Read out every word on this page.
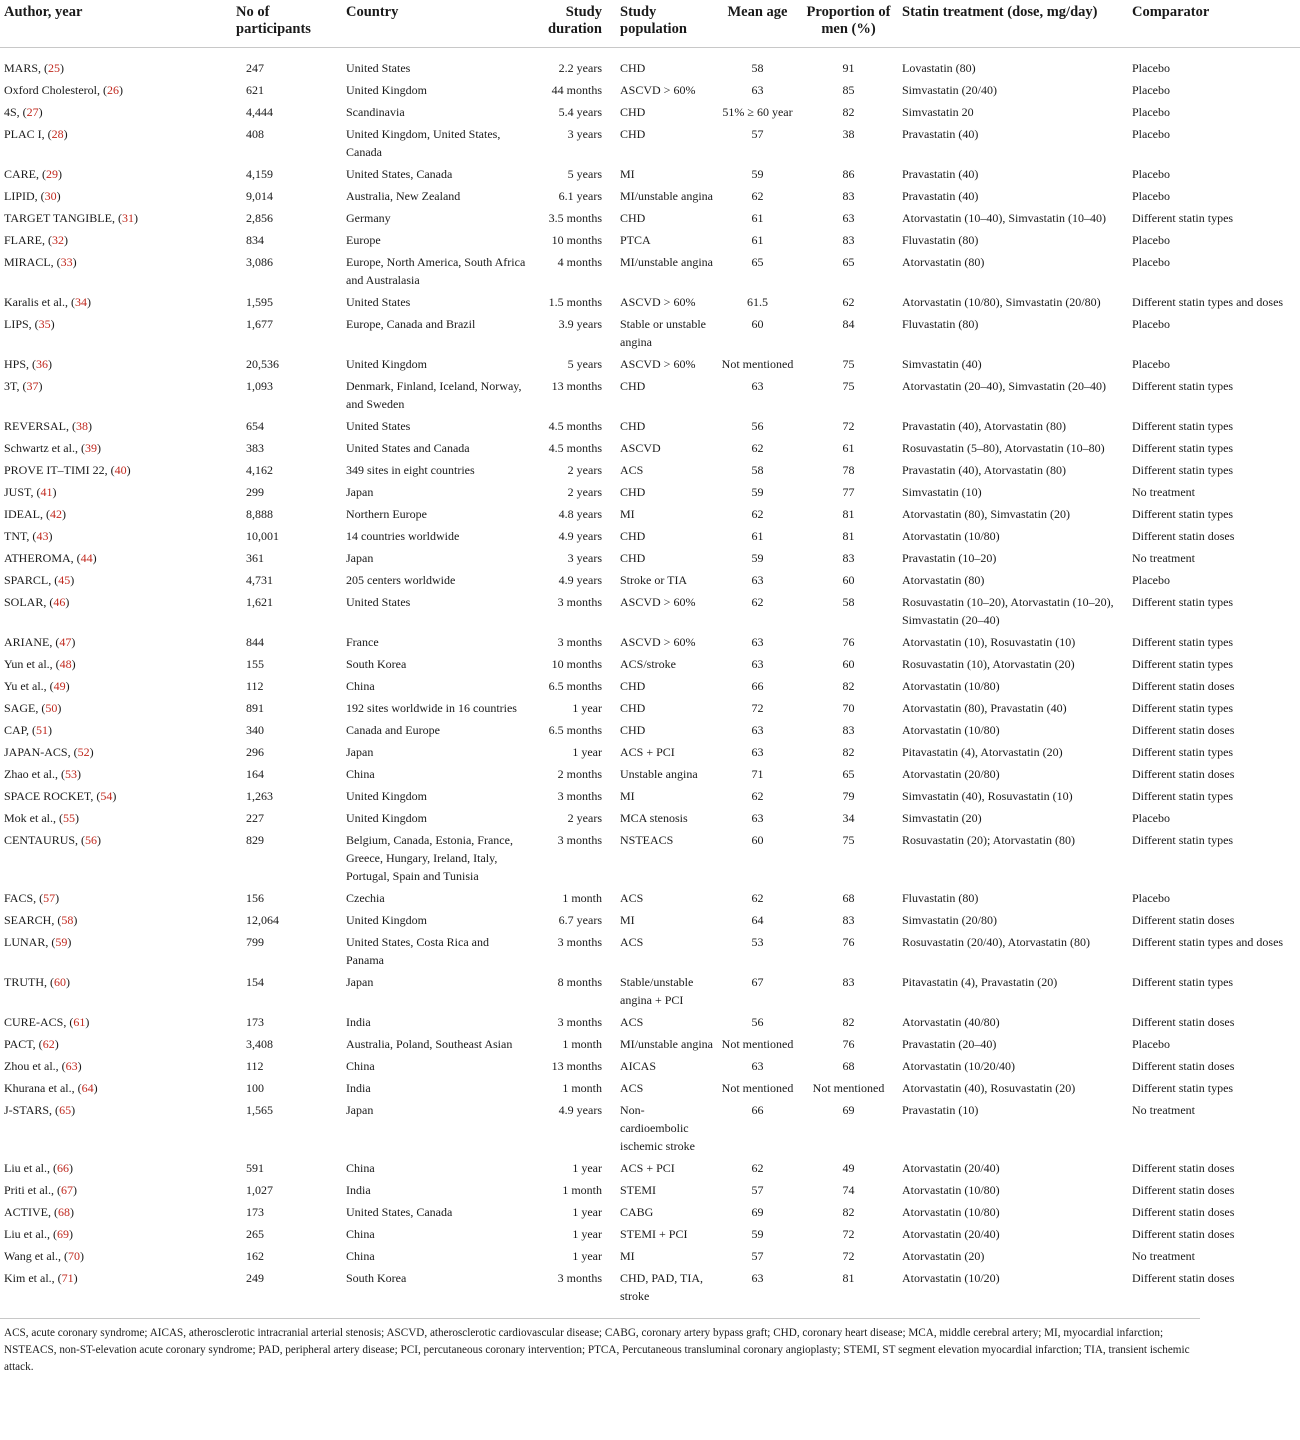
Author, year	No of participants	Country	Study duration	Study population	Mean age	Proportion of men (%)	Statin treatment (dose, mg/day)	Comparator
MARS, (25)	247	United States	2.2 years	CHD	58	91	Lovastatin (80)	Placebo
Oxford Cholesterol, (26)	621	United Kingdom	44 months	ASCVD > 60%	63	85	Simvastatin (20/40)	Placebo
4S, (27)	4,444	Scandinavia	5.4 years	CHD	51% ≥ 60 year	82	Simvastatin 20	Placebo
PLAC I, (28)	408	United Kingdom, United States, Canada	3 years	CHD	57	38	Pravastatin (40)	Placebo
CARE, (29)	4,159	United States, Canada	5 years	MI	59	86	Pravastatin (40)	Placebo
LIPID, (30)	9,014	Australia, New Zealand	6.1 years	MI/unstable angina	62	83	Pravastatin (40)	Placebo
TARGET TANGIBLE, (31)	2,856	Germany	3.5 months	CHD	61	63	Atorvastatin (10–40), Simvastatin (10–40)	Different statin types
FLARE, (32)	834	Europe	10 months	PTCA	61	83	Fluvastatin (80)	Placebo
MIRACL, (33)	3,086	Europe, North America, South Africa and Australasia	4 months	MI/unstable angina	65	65	Atorvastatin (80)	Placebo
Karalis et al., (34)	1,595	United States	1.5 months	ASCVD > 60%	61.5	62	Atorvastatin (10/80), Simvastatin (20/80)	Different statin types and doses
LIPS, (35)	1,677	Europe, Canada and Brazil	3.9 years	Stable or unstable angina	60	84	Fluvastatin (80)	Placebo
HPS, (36)	20,536	United Kingdom	5 years	ASCVD > 60%	Not mentioned	75	Simvastatin (40)	Placebo
3T, (37)	1,093	Denmark, Finland, Iceland, Norway, and Sweden	13 months	CHD	63	75	Atorvastatin (20–40), Simvastatin (20–40)	Different statin types
REVERSAL, (38)	654	United States	4.5 months	CHD	56	72	Pravastatin (40), Atorvastatin (80)	Different statin types
Schwartz et al., (39)	383	United States and Canada	4.5 months	ASCVD	62	61	Rosuvastatin (5–80), Atorvastatin (10–80)	Different statin types
PROVE IT–TIMI 22, (40)	4,162	349 sites in eight countries	2 years	ACS	58	78	Pravastatin (40), Atorvastatin (80)	Different statin types
JUST, (41)	299	Japan	2 years	CHD	59	77	Simvastatin (10)	No treatment
IDEAL, (42)	8,888	Northern Europe	4.8 years	MI	62	81	Atorvastatin (80), Simvastatin (20)	Different statin types
TNT, (43)	10,001	14 countries worldwide	4.9 years	CHD	61	81	Atorvastatin (10/80)	Different statin doses
ATHEROMA, (44)	361	Japan	3 years	CHD	59	83	Pravastatin (10–20)	No treatment
SPARCL, (45)	4,731	205 centers worldwide	4.9 years	Stroke or TIA	63	60	Atorvastatin (80)	Placebo
SOLAR, (46)	1,621	United States	3 months	ASCVD > 60%	62	58	Rosuvastatin (10–20), Atorvastatin (10–20), Simvastatin (20–40)	Different statin types
ARIANE, (47)	844	France	3 months	ASCVD > 60%	63	76	Atorvastatin (10), Rosuvastatin (10)	Different statin types
Yun et al., (48)	155	South Korea	10 months	ACS/stroke	63	60	Rosuvastatin (10), Atorvastatin (20)	Different statin types
Yu et al., (49)	112	China	6.5 months	CHD	66	82	Atorvastatin (10/80)	Different statin doses
SAGE, (50)	891	192 sites worldwide in 16 countries	1 year	CHD	72	70	Atorvastatin (80), Pravastatin (40)	Different statin types
CAP, (51)	340	Canada and Europe	6.5 months	CHD	63	83	Atorvastatin (10/80)	Different statin doses
JAPAN-ACS, (52)	296	Japan	1 year	ACS + PCI	63	82	Pitavastatin (4), Atorvastatin (20)	Different statin types
Zhao et al., (53)	164	China	2 months	Unstable angina	71	65	Atorvastatin (20/80)	Different statin doses
SPACE ROCKET, (54)	1,263	United Kingdom	3 months	MI	62	79	Simvastatin (40), Rosuvastatin (10)	Different statin types
Mok et al., (55)	227	United Kingdom	2 years	MCA stenosis	63	34	Simvastatin (20)	Placebo
CENTAURUS, (56)	829	Belgium, Canada, Estonia, France, Greece, Hungary, Ireland, Italy, Portugal, Spain and Tunisia	3 months	NSTEACS	60	75	Rosuvastatin (20); Atorvastatin (80)	Different statin types
FACS, (57)	156	Czechia	1 month	ACS	62	68	Fluvastatin (80)	Placebo
SEARCH, (58)	12,064	United Kingdom	6.7 years	MI	64	83	Simvastatin (20/80)	Different statin doses
LUNAR, (59)	799	United States, Costa Rica and Panama	3 months	ACS	53	76	Rosuvastatin (20/40), Atorvastatin (80)	Different statin types and doses
TRUTH, (60)	154	Japan	8 months	Stable/unstable angina + PCI	67	83	Pitavastatin (4), Pravastatin (20)	Different statin types
CURE-ACS, (61)	173	India	3 months	ACS	56	82	Atorvastatin (40/80)	Different statin doses
PACT, (62)	3,408	Australia, Poland, Southeast Asian	1 month	MI/unstable angina	Not mentioned	76	Pravastatin (20–40)	Placebo
Zhou et al., (63)	112	China	13 months	AICAS	63	68	Atorvastatin (10/20/40)	Different statin doses
Khurana et al., (64)	100	India	1 month	ACS	Not mentioned	Not mentioned	Atorvastatin (40), Rosuvastatin (20)	Different statin types
J-STARS, (65)	1,565	Japan	4.9 years	Non-cardioembolic ischemic stroke	66	69	Pravastatin (10)	No treatment
Liu et al., (66)	591	China	1 year	ACS + PCI	62	49	Atorvastatin (20/40)	Different statin doses
Priti et al., (67)	1,027	India	1 month	STEMI	57	74	Atorvastatin (10/80)	Different statin doses
ACTIVE, (68)	173	United States, Canada	1 year	CABG	69	82	Atorvastatin (10/80)	Different statin doses
Liu et al., (69)	265	China	1 year	STEMI + PCI	59	72	Atorvastatin (20/40)	Different statin doses
Wang et al., (70)	162	China	1 year	MI	57	72	Atorvastatin (20)	No treatment
Kim et al., (71)	249	South Korea	3 months	CHD, PAD, TIA, stroke	63	81	Atorvastatin (10/20)	Different statin doses
ACS, acute coronary syndrome; AICAS, atherosclerotic intracranial arterial stenosis; ASCVD, atherosclerotic cardiovascular disease; CABG, coronary artery bypass graft; CHD, coronary heart disease; MCA, middle cerebral artery; MI, myocardial infarction; NSTEACS, non-ST-elevation acute coronary syndrome; PAD, peripheral artery disease; PCI, percutaneous coronary intervention; PTCA, Percutaneous transluminal coronary angioplasty; STEMI, ST segment elevation myocardial infarction; TIA, transient ischemic attack.
